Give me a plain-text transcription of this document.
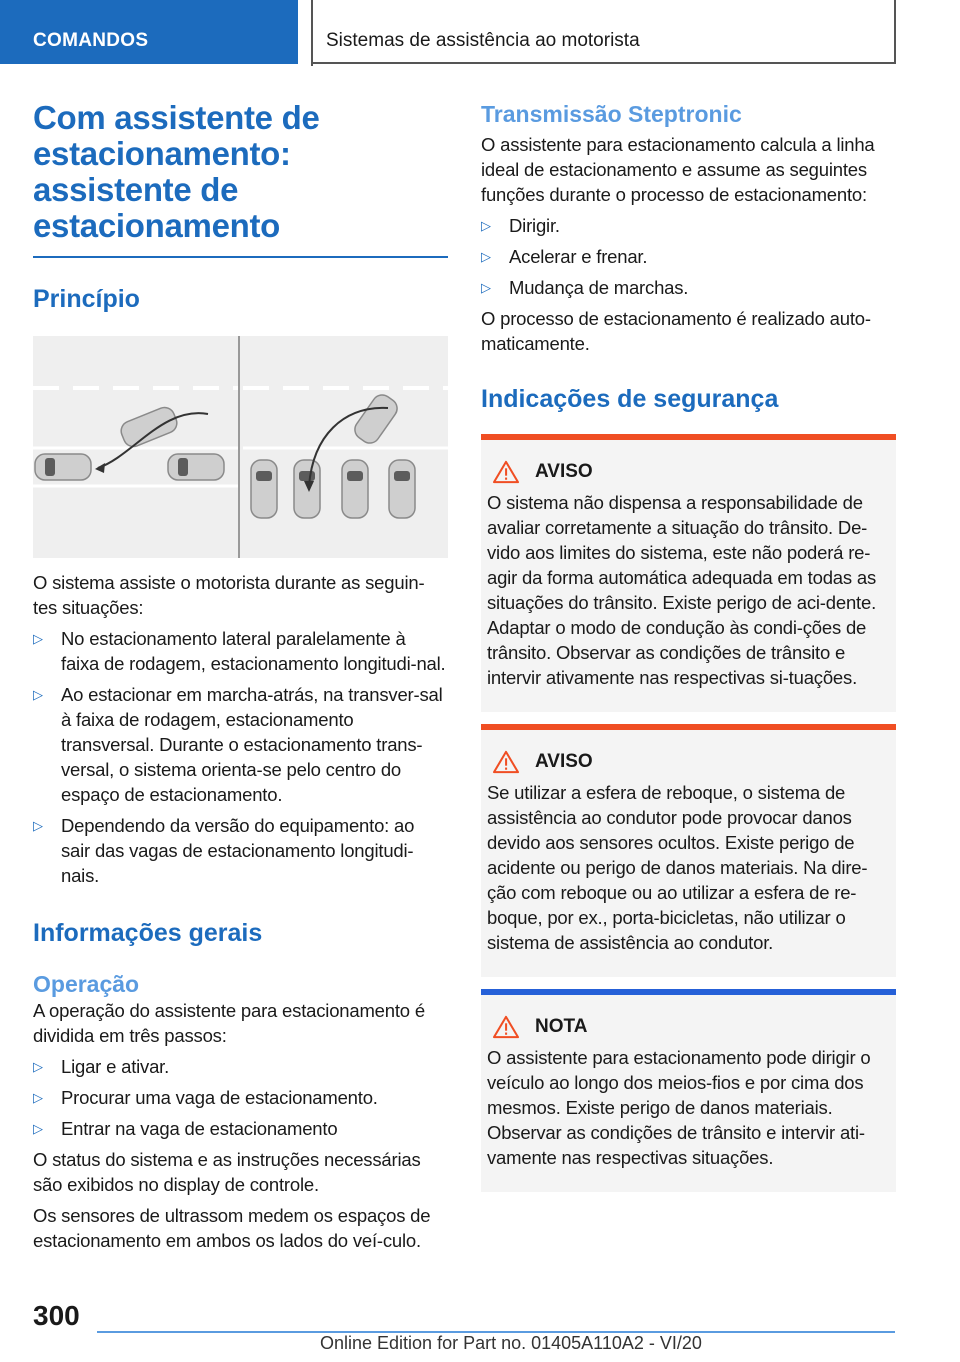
COMANDOS	Sistemas de assistência ao motorista
Com assistente de estacionamento: assistente de estacionamento
Princípio

O sistema assiste o motorista durante as seguin-tes situações:

▷ No estacionamento lateral paralelamente à faixa de rodagem, estacionamento longitudi-nal.
▷ Ao estacionar em marcha-atrás, na transver-sal à faixa de rodagem, estacionamento transversal. Durante o estacionamento trans-versal, o sistema orienta-se pelo centro do espaço de estacionamento.
▷ Dependendo da versão do equipamento: ao sair das vagas de estacionamento longitudi-nais.
Informações gerais
Operação

A operação do assistente para estacionamento é dividida em três passos:

▷ Ligar e ativar.
▷ Procurar uma vaga de estacionamento.
▷ Entrar na vaga de estacionamento

O status do sistema e as instruções necessárias são exibidos no display de controle.

Os sensores de ultrassom medem os espaços de estacionamento em ambos os lados do veí-culo.

Transmissão Steptronic

O assistente para estacionamento calcula a linha ideal de estacionamento e assume as seguintes funções durante o processo de estacionamento:

▷ Dirigir.
▷ Acelerar e frenar.
▷ Mudança de marchas.

O processo de estacionamento é realizado auto-maticamente.

Indicações de segurança
AVISO

O sistema não dispensa a responsabilidade de avaliar corretamente a situação do trânsito. De-vido aos limites do sistema, este não poderá re-agir da forma automática adequada em todas as situações do trânsito. Existe perigo de aci-dente. Adaptar o modo de condução às condi-ções de trânsito. Observar as condições de trânsito e intervir ativamente nas respectivas si-tuações.

AVISO

Se utilizar a esfera de reboque, o sistema de assistência ao condutor pode provocar danos devido aos sensores ocultos. Existe perigo de acidente ou perigo de danos materiais. Na dire-ção com reboque ou ao utilizar a esfera de re-boque, por ex., porta-bicicletas, não utilizar o sistema de assistência ao condutor.

NOTA

O assistente para estacionamento pode dirigir o veículo ao longo dos meios-fios e por cima dos mesmos. Existe perigo de danos materiais. Observar as condições de trânsito e intervir ati-vamente nas respectivas situações.

300
Online Edition for Part no. 01405A110A2 - VI/20
